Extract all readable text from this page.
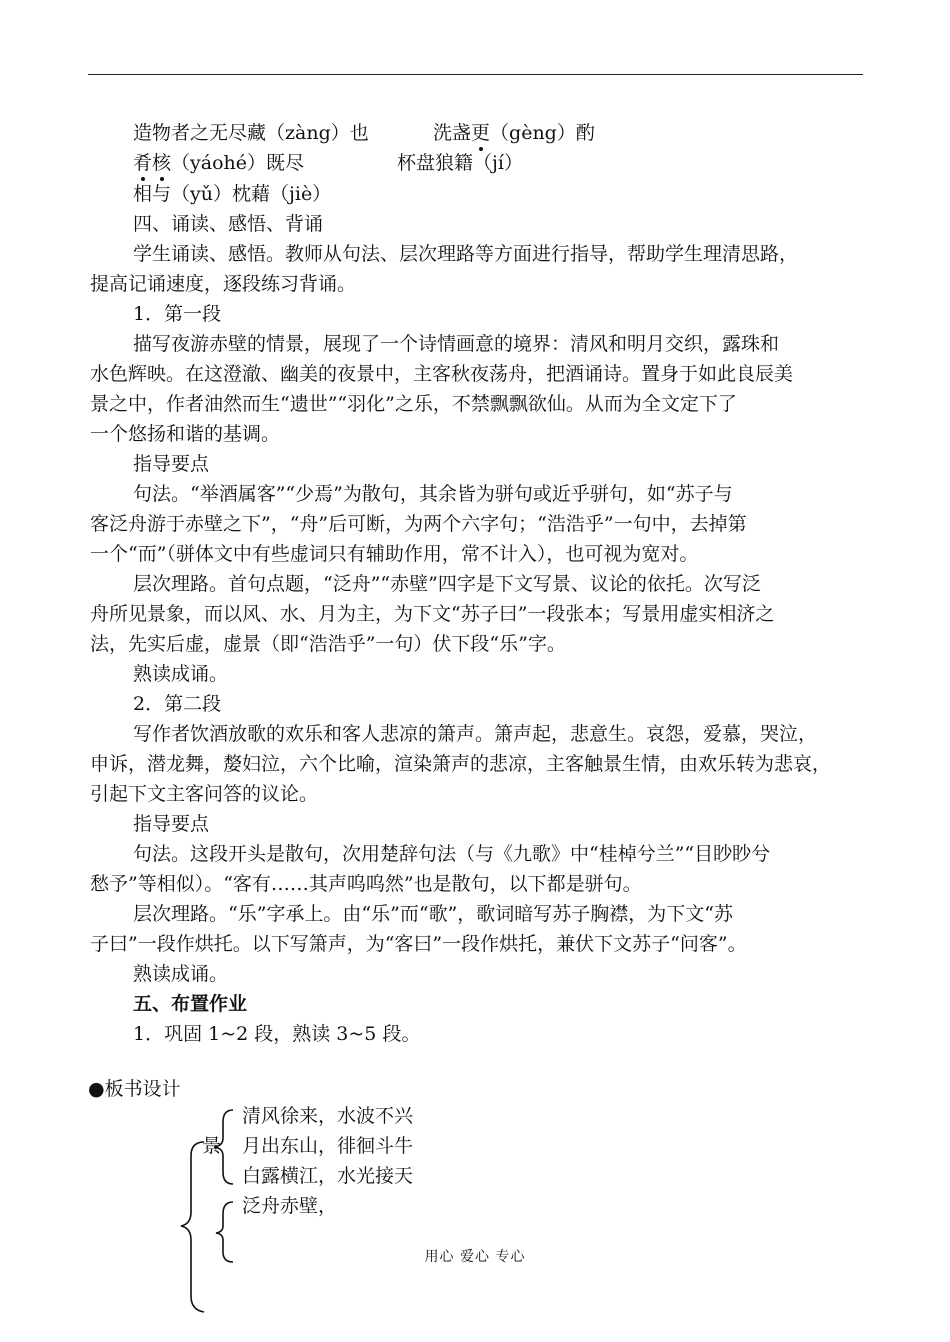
造物者之无尽藏（zàng）也	洗盏更（gèng）酌
肴核（yáohé）既尽	杯盘狼籍（jí）
相与（yǔ）枕藉（jiè）
四、诵读、感悟、背诵
学生诵读、感悟。教师从句法、层次理路等方面进行指导，帮助学生理清思路，
提高记诵速度，逐段练习背诵。
1．第一段
描写夜游赤壁的情景，展现了一个诗情画意的境界：清风和明月交织，露珠和
水色辉映。在这澄澈、幽美的夜景中，主客秋夜荡舟，把酒诵诗。置身于如此良辰美
景之中，作者油然而生“遗世”“羽化”之乐，不禁飘飘欲仙。从而为全文定下了
一个悠扬和谐的基调。
指导要点
句法。“举酒属客”“少焉”为散句，其余皆为骈句或近乎骈句，如“苏子与
客泛舟游于赤壁之下”，“舟”后可断，为两个六字句；“浩浩乎”一句中，去掉第
一个“而”（骈体文中有些虚词只有辅助作用，常不计入），也可视为宽对。
层次理路。首句点题，“泛舟”“赤壁”四字是下文写景、议论的依托。次写泛
舟所见景象，而以风、水、月为主，为下文“苏子曰”一段张本；写景用虚实相济之
法，先实后虚，虚景（即“浩浩乎”一句）伏下段“乐”字。
熟读成诵。
2．第二段
写作者饮酒放歌的欢乐和客人悲凉的箫声。箫声起，悲意生。哀怨，爱慕，哭泣，
申诉，潜龙舞，嫠妇泣，六个比喻，渲染箫声的悲凉，主客触景生情，由欢乐转为悲哀，
引起下文主客问答的议论。
指导要点
句法。这段开头是散句，次用楚辞句法（与《九歌》中“桂棹兮兰”“目眇眇兮
愁予”等相似）。“客有……其声呜呜然”也是散句，以下都是骈句。
层次理路。“乐”字承上。由“乐”而“歌”，歌词暗写苏子胸襟，为下文“苏
子曰”一段作烘托。以下写箫声，为“客曰”一段作烘托，兼伏下文苏子“问客”。
熟读成诵。
五、布置作业
1．巩固 1~2 段，熟读 3~5 段。
●板书设计
景
清风徐来，水波不兴
月出东山，徘徊斗牛
白露横江，水光接天
泛舟赤壁，
用心 爱心 专心
